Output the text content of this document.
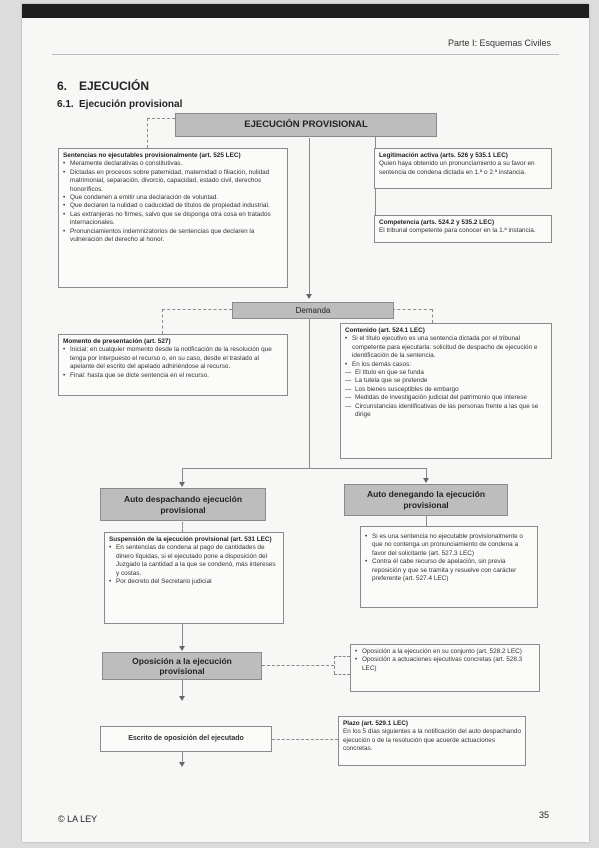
Parte I: Esquemas Civiles
6. EJECUCIÓN
6.1. Ejecución provisional
EJECUCIÓN PROVISIONAL
Sentencias no ejecutables provisionalmente (art. 525 LEC)
• Meramente declarativas o constitutivas.
• Dictadas en procesos sobre paternidad, maternidad o filiación, nulidad matrimonial, separación, divorcio, capacidad, estado civil, derechos honoríficos.
• Que condenen a emitir una declaración de voluntad.
• Que declaren la nulidad o caducidad de títulos de propiedad industrial.
• Las extranjeras no firmes, salvo que se disponga otra cosa en tratados internacionales.
• Pronunciamientos indemnizatorios de sentencias que declaren la vulneración del derecho al honor.
Legitimación activa (arts. 526 y 535.1 LEC)
Quien haya obtenido un pronunciamiento a su favor en sentencia de condena dictada en 1.ª o 2.ª instancia.
Competencia (arts. 524.2 y 535.2 LEC)
El tribunal competente para conocer en la 1.ª instancia.
Demanda
Momento de presentación (art. 527)
• Inicial: en cualquier momento desde la notificación de la resolución que tenga por interpuesto el recurso o, en su caso, desde el traslado al apelante del escrito del apelado adhiriéndose al recurso.
• Final: hasta que se dicte sentencia en el recurso.
Contenido (art. 524.1 LEC)
• Si el título ejecutivo es una sentencia dictada por el tribunal competente para ejecutarla: solicitud de despacho de ejecución e identificación de la sentencia.
• En los demás casos:
— El título en que se funda
— La tutela que se pretende
— Los bienes susceptibles de embargo
— Medidas de investigación judicial del patrimonio que interese
— Circunstancias identificativas de las personas frente a las que se dirige
Auto despachando ejecución provisional
Auto denegando la ejecución provisional
Suspensión de la ejecución provisional (art. 531 LEC)
• En sentencias de condena al pago de cantidades de dinero líquidas, si el ejecutado pone a disposición del Juzgado la cantidad a la que se condenó, más intereses y costas.
• Por decreto del Secretario judicial
• Si es una sentencia no ejecutable provisionalmente o que no contenga un pronunciamiento de condena a favor del solicitante (art. 527.3 LEC)
• Contra él cabe recurso de apelación, sin previa reposición y que se tramita y resuelve con carácter preferente (art. 527.4 LEC)
Oposición a la ejecución provisional
• Oposición a la ejecución en su conjunto (art. 528.2 LEC)
• Oposición a actuaciones ejecutivas concretas (art. 528.3 LEC)
Plazo (art. 529.1 LEC)
En los 5 días siguientes a la notificación del auto despachando ejecución o de la resolución que acuerde actuaciones concretas.
Escrito de oposición del ejecutado
© LA LEY	35
